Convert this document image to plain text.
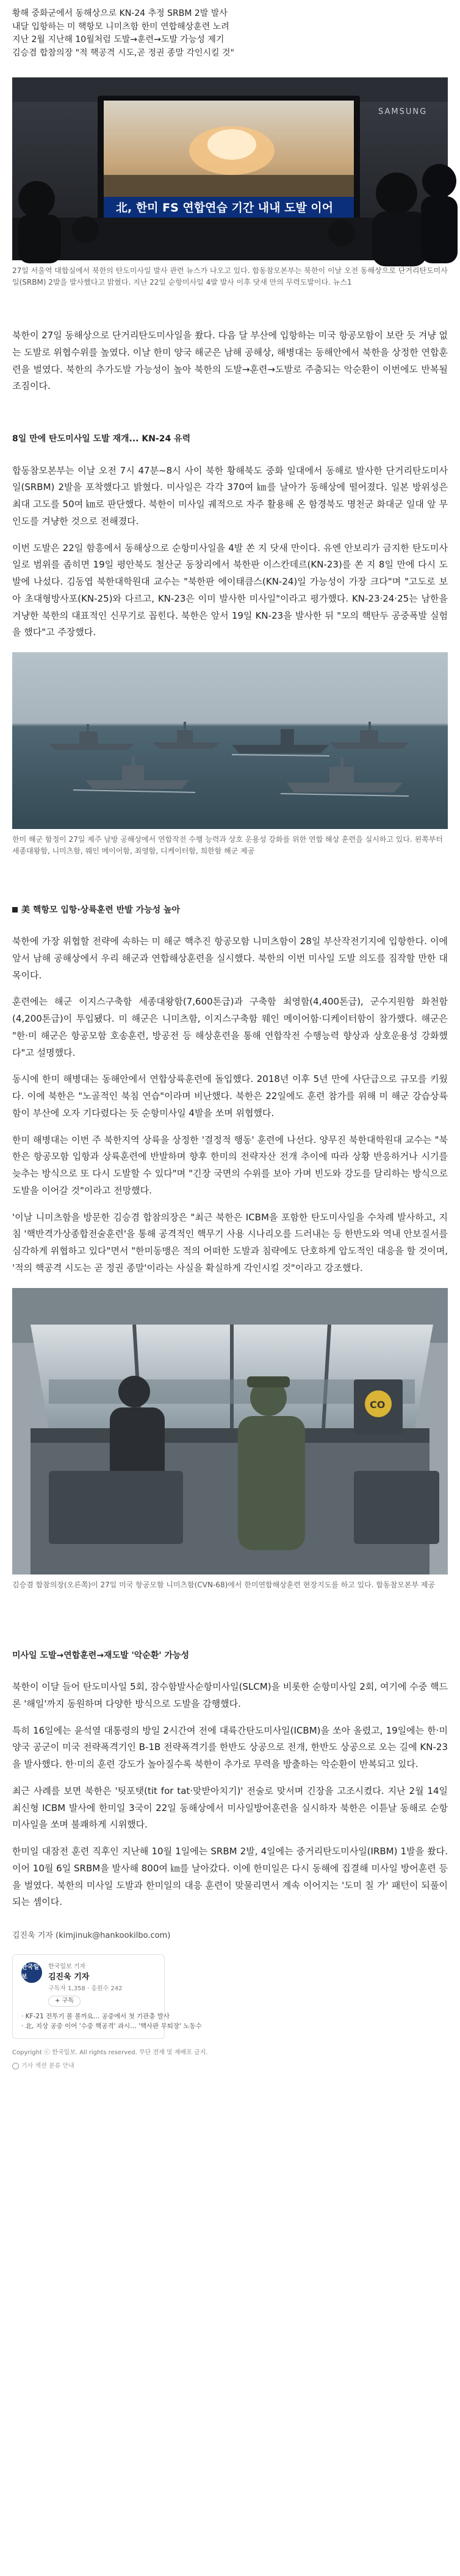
황해 중화군에서 동해상으로 KN-24 추정 SRBM 2발 발사

내달 입항하는 미 핵항모 니미츠함 한미 연합해상훈련 노려

지난 2월 지난해 10월처럼 도발→훈련→도발 가능성 제기

김승겸 합참의장 "적 핵공격 시도,곧 정권 종말 각인시킬 것"

北, 한미 FS 연합연습 기간 내내 도발 이어
SAMSUNG

27일 서울역 대합실에서 북한의 탄도미사일 발사 관련 뉴스가 나오고 있다. 합동참모본부는 북한이 이날 오전 동해상으로 단거리탄도미사일(SRBM) 2발을 발사했다고 밝혔다. 지난 22일 순항미사일 4발 발사 이후 닷새 만의 무력도발이다. 뉴스1

북한이 27일 동해상으로 단거리탄도미사일을 쐈다. 다음 달 부산에 입항하는 미국 항공모함이 보란 듯 겨냥 없는 도발로 위협수위를 높였다. 이날 한미 양국 해군은 남해 공해상, 해병대는 동해안에서 북한을 상정한 연합훈련을 벌였다. 북한의 추가도발 가능성이 높아 북한의 도발→훈련→도발로 주춤되는 악순환이 이번에도 반복될 조짐이다.

8일 만에 탄도미사일 도발 재개... KN-24 유력

합동참모본부는 이날 오전 7시 47분~8시 사이 북한 황해북도 중화 일대에서 동해로 발사한 단거리탄도미사일(SRBM) 2발을 포착했다고 밝혔다. 미사일은 각각 370여 ㎞를 날아가 동해상에 떨어졌다. 일본 방위성은 최대 고도를 50여 ㎞로 판단했다. 북한이 미사일 궤적으로 자주 활용해 온 함경북도 명천군 화대군 일대 앞 무인도를 겨냥한 것으로 전해졌다.

이번 도발은 22일 함흥에서 동해상으로 순항미사일을 4발 쏜 지 닷새 만이다. 유엔 안보리가 금지한 탄도미사일로 범위를 좁히면 19일 평안북도 철산군 동창리에서 북한판 이스칸데르(KN-23)를 쏜 지 8일 만에 다시 도발에 나섰다. 김동엽 북한대학원대 교수는 "북한판 에이태큼스(KN-24)일 가능성이 가장 크다"며 "고도로 보아 초대형방사포(KN-25)와 다르고, KN-23은 이미 발사한 미사일"이라고 평가했다. KN-23·24·25는 남한을 겨냥한 북한의 대표적인 신무기로 꼽힌다. 북한은 앞서 19일 KN-23을 발사한 뒤 "모의 핵탄두 공중폭발 실험을 했다"고 주장했다.

한미 해군 함정이 27일 제주 남방 공해상에서 연합작전 수행 능력과 상호 운용성 강화를 위한 연합 해상 훈련을 실시하고 있다. 왼쪽부터 세종대왕함, 니미츠함, 웨인 메이어함, 최영함, 디케이터함, 희한함 해군 제공

美 핵항모 입항·상륙훈련 반발 가능성 높아

북한에 가장 위협할 전략에 속하는 미 해군 핵추진 항공모함 니미츠함이 28일 부산작전기지에 입항한다. 이에 앞서 남해 공해상에서 우리 해군과 연합해상훈련을 실시했다. 북한의 이번 미사일 도발 의도를 짐작할 만한 대목이다.

훈련에는 해군 이지스구축함 세종대왕함(7,600톤급)과 구축함 최영함(4,400톤급), 군수지원함 화천함(4,200톤급)이 투입됐다. 미 해군은 니미츠함, 이지스구축함 웨인 메이어함·디케이터함이 참가했다. 해군은 "한·미 해군은 항공모함 호송훈련, 방공전 등 해상훈련을 통해 연합작전 수행능력 향상과 상호운용성 강화했다"고 설명했다.

동시에 한미 해병대는 동해안에서 연합상륙훈련에 돌입했다. 2018년 이후 5년 만에 사단급으로 규모를 키웠다. 이에 북한은 "노골적인 북침 연습"이라며 비난했다. 북한은 22일에도 훈련 참가를 위해 미 해군 강습상륙함이 부산에 오자 기다렸다는 듯 순항미사일 4발을 쏘며 위협했다.

한미 해병대는 이번 주 북한지역 상륙을 상정한 '결정적 행동' 훈련에 나선다. 양무진 북한대학원대 교수는 "북한은 항공모함 입항과 상륙훈련에 반발하며 향후 한미의 전략자산 전개 추이에 따라 상황 반응하거나 시기를 늦추는 방식으로 또 다시 도발할 수 있다"며 "긴장 국면의 수위를 보아 가며 빈도와 강도를 달리하는 방식으로 도발을 이어갈 것"이라고 전망했다.

'이날 니미츠함을 방문한 김승겸 합참의장은 "최근 북한은 ICBM을 포함한 탄도미사일을 수차례 발사하고, 지침 '핵반격가상종합전술훈련'을 통해 공격적인 핵무기 사용 시나리오를 드러내는 등 한반도와 역내 안보질서를 심각하게 위협하고 있다"면서 "한미동맹은 적의 어떠한 도발과 침략에도 단호하게 압도적인 대응을 할 것이며, '적의 핵공격 시도는 곧 정권 종말'이라는 사실을 확실하게 각인시킬 것"이라고 강조했다.

CO

김승겸 합참의장(오른쪽)이 27일 미국 항공모함 니미츠함(CVN-68)에서 한미연합해상훈련 현장지도를 하고 있다. 합동참모본부 제공

미사일 도발→연합훈련→재도발 '악순환' 가능성

북한이 이달 들어 탄도미사일 5회, 잠수함발사순항미사일(SLCM)을 비롯한 순항미사일 2회, 여기에 수중 핵드론 '해일'까지 동원하며 다양한 방식으로 도발을 감행했다.

특히 16일에는 윤석열 대통령의 방일 2시간여 전에 대륙간탄도미사일(ICBM)을 쏘아 올렸고, 19일에는 한·미 양국 공군이 미국 전략폭격기인 B-1B 전략폭격기를 한반도 상공으로 전개, 한반도 상공으로 오는 길에 KN-23을 발사했다. 한·미의 훈련 강도가 높아질수록 북한이 추가로 무력을 방출하는 악순환이 반복되고 있다.

최근 사례를 보면 북한은 '팃포탯(tit for tat·맞받아치기)' 전술로 맞서며 긴장을 고조시켰다. 지난 2월 14일 최신형 ICBM 발사에 한미일 3국이 22일 동해상에서 미사일방어훈련을 실시하자 북한은 이튿날 동해로 순항미사일을 쏘며 불쾌하게 시위했다.

한미일 대잠전 훈련 직후인 지난해 10월 1일에는 SRBM 2발, 4일에는 중거리탄도미사일(IRBM) 1발을 쐈다. 이어 10월 6일 SRBM을 발사해 800여 ㎞를 날아갔다. 이에 한미일은 다시 동해에 집결해 미사일 방어훈련 등을 벌였다. 북한의 미사일 도발과 한미일의 대응 훈련이 맞물리면서 계속 이어지는 '도미 칠 가' 패턴이 되풀이되는 셈이다.

김진욱 기자 (kimjinuk@hankookilbo.com)

한국일보
한국일보 기자
김진욱 기자
구독자 1,358 · 응원수 242
+ 구독
· KF-21 전투기 볼 볼까요… 공중에서 첫 기관총 발사
· 北, 지상 공중 이어 '수중 핵공격' 과시… '핵사판 무퇴장' 노동수

Copyright ⓒ 한국일보. All rights reserved. 무단 전재 및 재배포 금지.

기사 섹션 분류 안내
